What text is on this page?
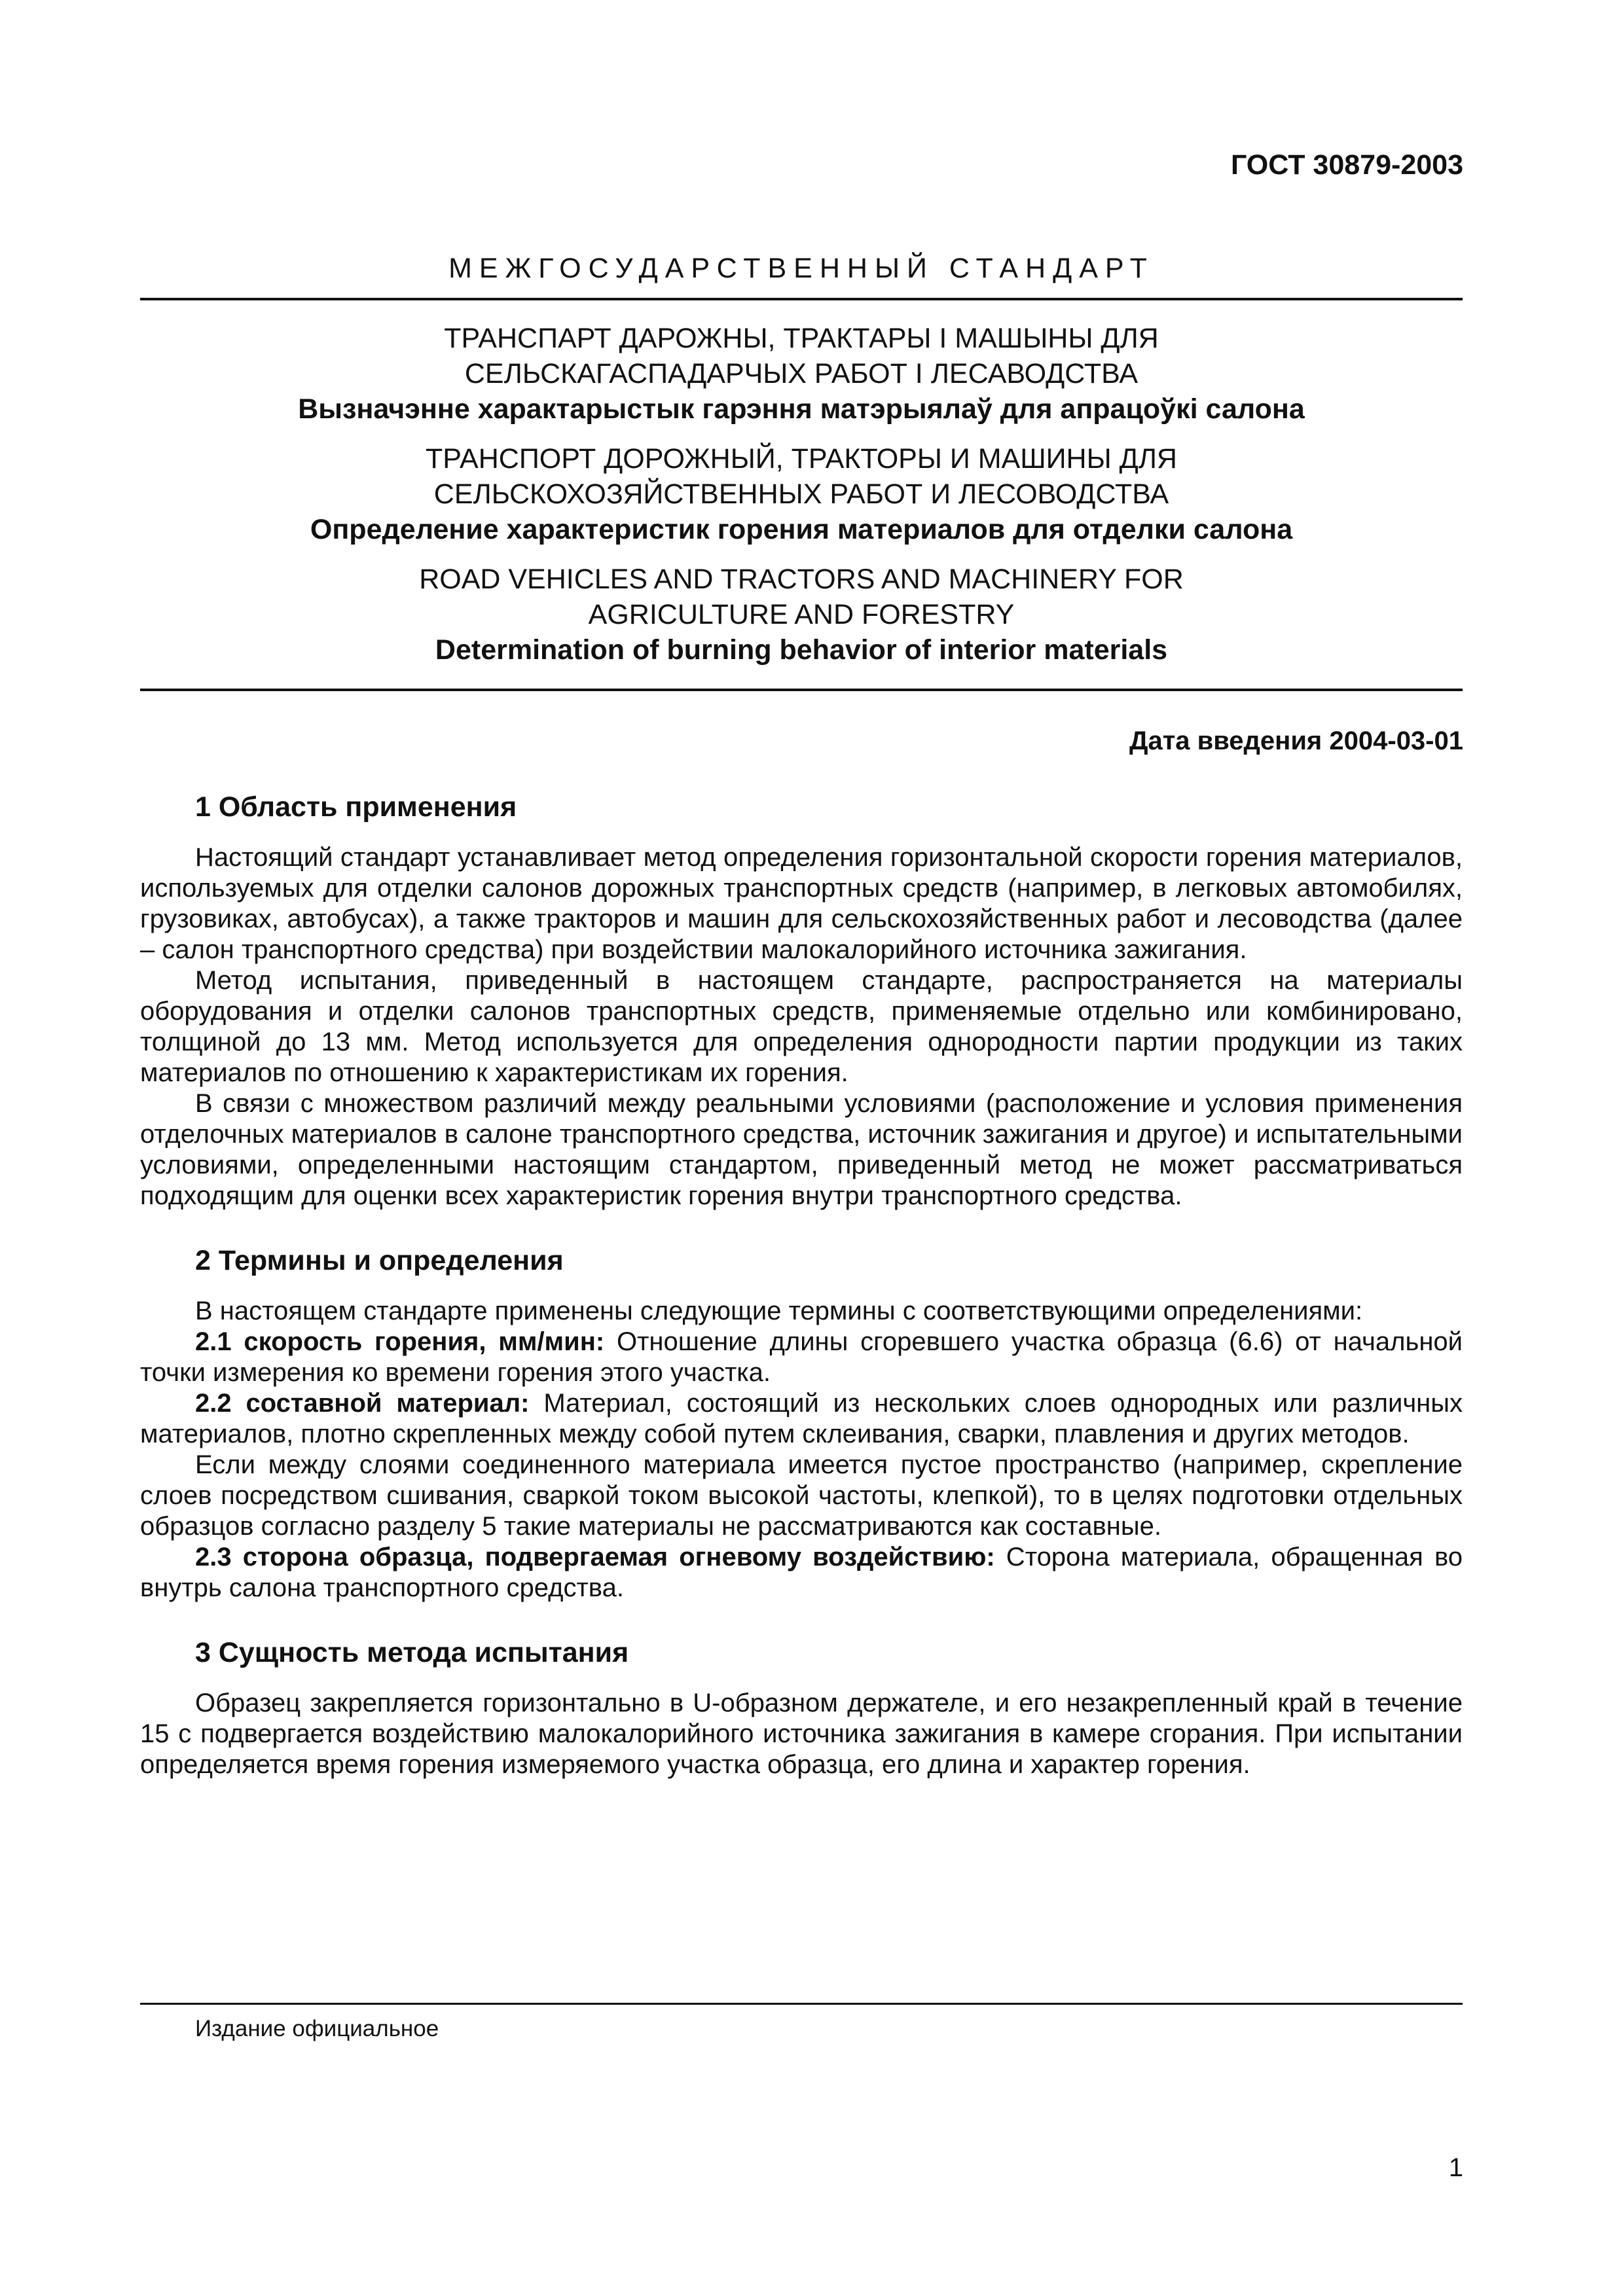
ГОСТ 30879-2003
МЕЖГОСУДАРСТВЕННЫЙ СТАНДАРТ
ТРАНСПАРТ ДАРОЖНЫ, ТРАКТАРЫ І МАШЫНЫ ДЛЯ
СЕЛЬСКАГАСПАДАРЧЫХ РАБОТ І ЛЕСАВОДСТВА
Вызначэнне характарыстык гарэння матэрыялаў для апрацоўкі салона
ТРАНСПОРТ ДОРОЖНЫЙ, ТРАКТОРЫ И МАШИНЫ ДЛЯ
СЕЛЬСКОХОЗЯЙСТВЕННЫХ РАБОТ И ЛЕСОВОДСТВА
Определение характеристик горения материалов для отделки салона
ROAD VEHICLES AND TRACTORS AND MACHINERY FOR
AGRICULTURE AND FORESTRY
Determination of burning behavior of interior materials
Дата введения 2004-03-01
1 Область применения

Настоящий стандарт устанавливает метод определения горизонтальной скорости горения материалов, используемых для отделки салонов дорожных транспортных средств (например, в легковых автомобилях, грузовиках, автобусах), а также тракторов и машин для сельскохозяйственных работ и лесоводства (далее – салон транспортного средства) при воздействии малокалорийного источника зажигания.

Метод испытания, приведенный в настоящем стандарте, распространяется на материалы оборудования и отделки салонов транспортных средств, применяемые отдельно или комбинировано, толщиной до 13 мм. Метод используется для определения однородности партии продукции из таких материалов по отношению к характеристикам их горения.

В связи с множеством различий между реальными условиями (расположение и условия применения отделочных материалов в салоне транспортного средства, источник зажигания и другое) и испытательными условиями, определенными настоящим стандартом, приведенный метод не может рассматриваться подходящим для оценки всех характеристик горения внутри транспортного средства.

2 Термины и определения

В настоящем стандарте применены следующие термины с соответствующими определениями:

2.1 скорость горения, мм/мин: Отношение длины сгоревшего участка образца (6.6) от начальной точки измерения ко времени горения этого участка.

2.2 составной материал: Материал, состоящий из нескольких слоев однородных или различных материалов, плотно скрепленных между собой путем склеивания, сварки, плавления и других методов.

Если между слоями соединенного материала имеется пустое пространство (например, скрепление слоев посредством сшивания, сваркой током высокой частоты, клепкой), то в целях подготовки отдельных образцов согласно разделу 5 такие материалы не рассматриваются как составные.

2.3 сторона образца, подвергаемая огневому воздействию: Сторона материала, обращенная во внутрь салона транспортного средства.

3 Сущность метода испытания

Образец закрепляется горизонтально в U-образном держателе, и его незакрепленный край в течение 15 с подвергается воздействию малокалорийного источника зажигания в камере сгорания. При испытании определяется время горения измеряемого участка образца, его длина и характер горения.

Издание официальное
1
